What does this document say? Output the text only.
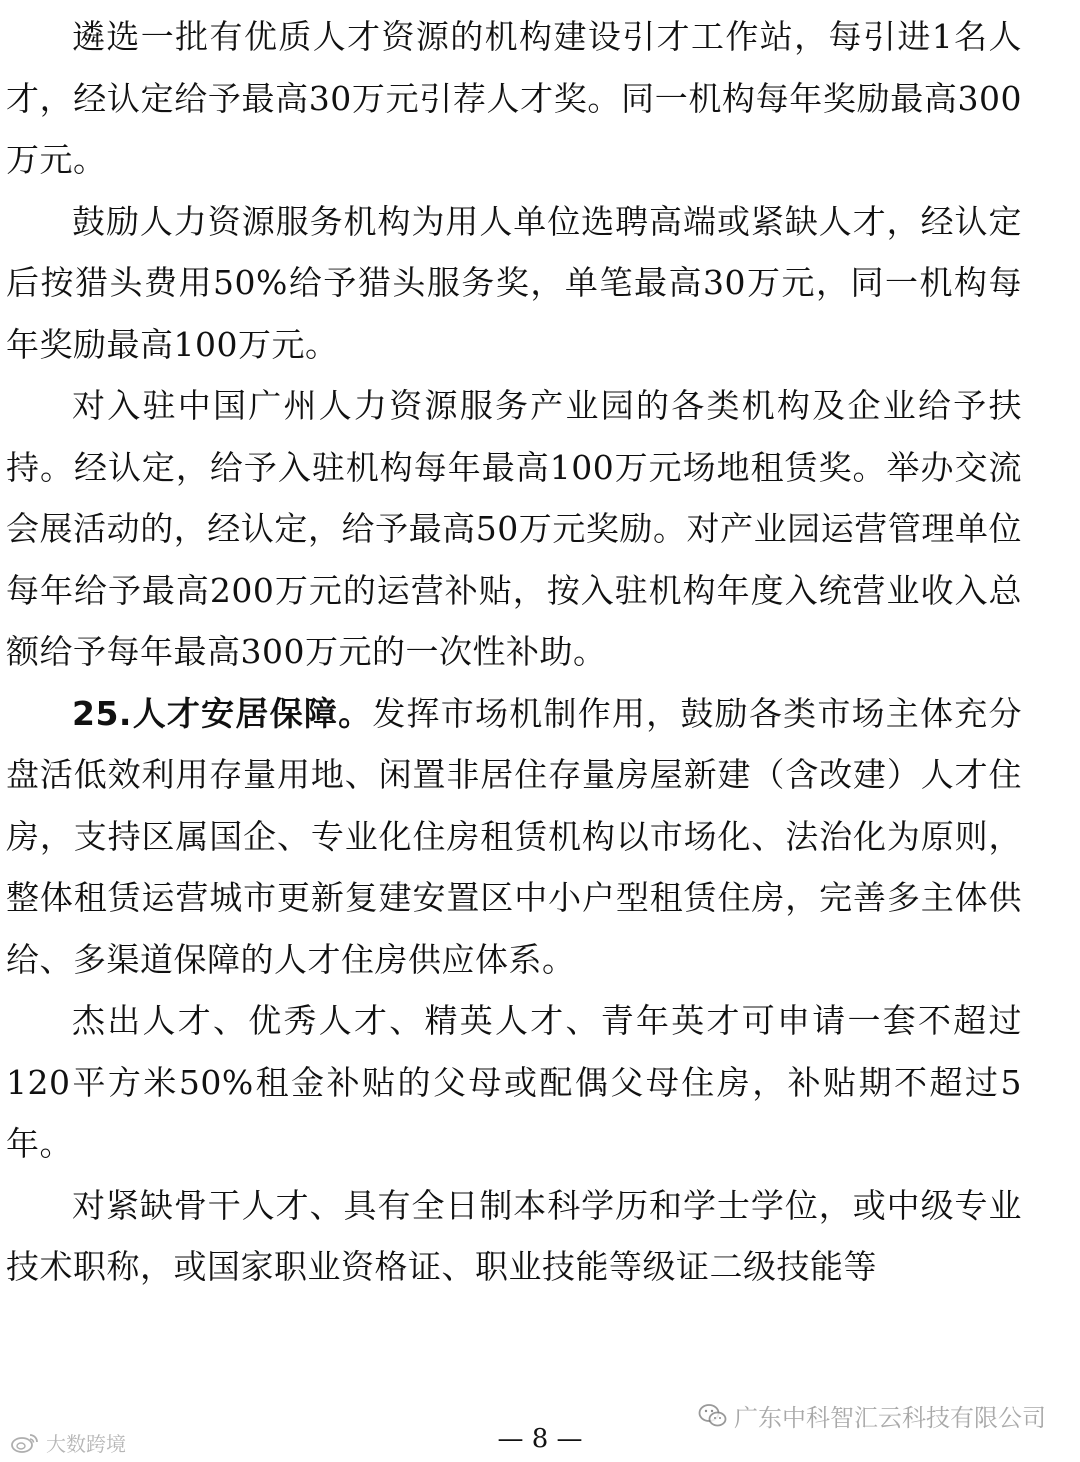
遴选一批有优质人才资源的机构建设引才工作站，每引进1名人才，经认定给予最高30万元引荐人才奖。同一机构每年奖励最高300万元。

鼓励人力资源服务机构为用人单位选聘高端或紧缺人才，经认定后按猎头费用50%给予猎头服务奖，单笔最高30万元，同一机构每年奖励最高100万元。

对入驻中国广州人力资源服务产业园的各类机构及企业给予扶持。经认定，给予入驻机构每年最高100万元场地租赁奖。举办交流会展活动的，经认定，给予最高50万元奖励。对产业园运营管理单位每年给予最高200万元的运营补贴，按入驻机构年度入统营业收入总额给予每年最高300万元的一次性补助。

25.人才安居保障。发挥市场机制作用，鼓励各类市场主体充分盘活低效利用存量用地、闲置非居住存量房屋新建（含改建）人才住房，支持区属国企、专业化住房租赁机构以市场化、法治化为原则，整体租赁运营城市更新复建安置区中小户型租赁住房，完善多主体供给、多渠道保障的人才住房供应体系。

杰出人才、优秀人才、精英人才、青年英才可申请一套不超过120平方米50%租金补贴的父母或配偶父母住房，补贴期不超过5年。

对紧缺骨干人才、具有全日制本科学历和学士学位，或中级专业技术职称，或国家职业资格证、职业技能等级证二级技能等

广东中科智汇云科技有限公司
大数跨境	— 8 —
